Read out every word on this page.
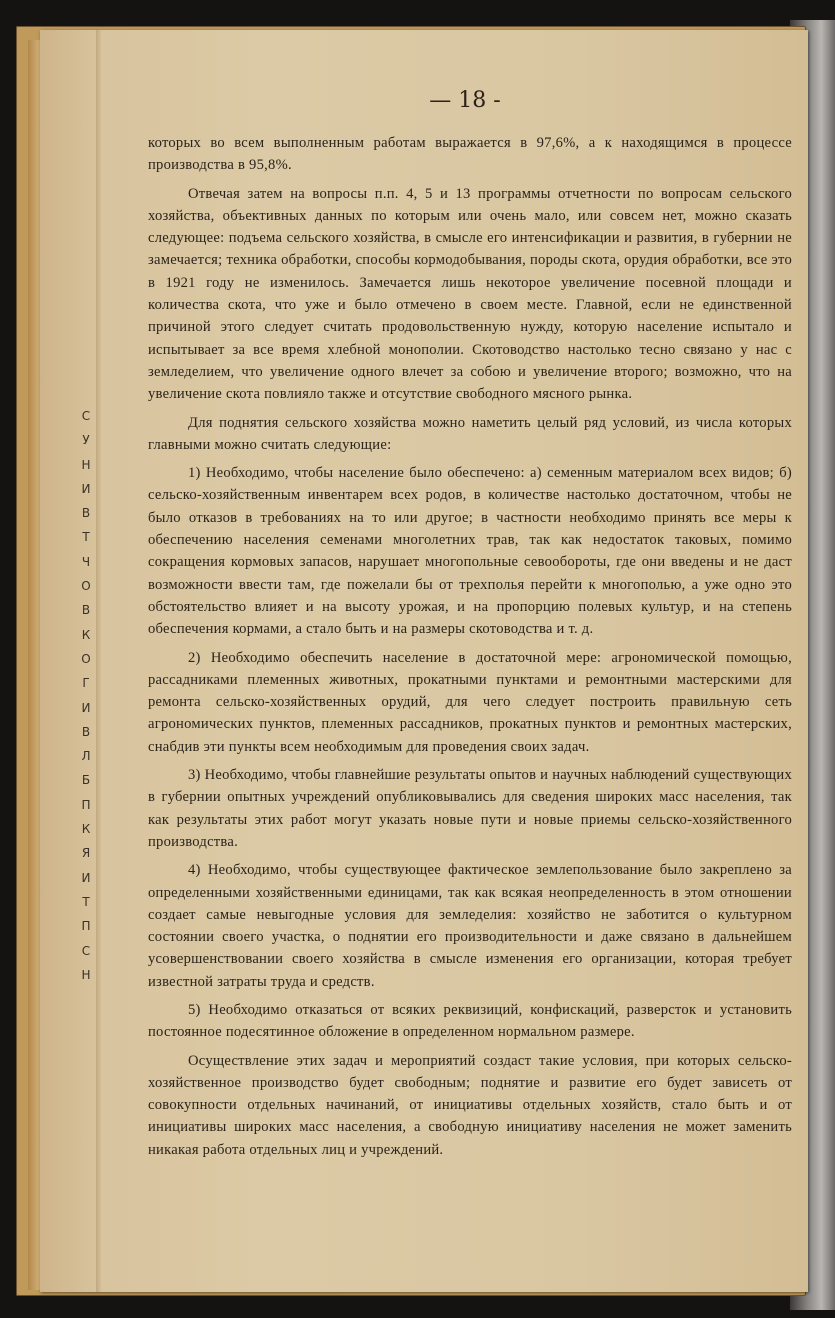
— 18 -
С
У
Н
И
В
Т
Ч
О
В
К
О
Г
И
В
Л
Б
П
К
Я
И
Т
П
С
Н

которых во всем выполненным работам выражается в 97,6%, а к находящимся в процессе производства в 95,8%.

Отвечая затем на вопросы п.п. 4, 5 и 13 программы отчетности по вопросам сельского хозяйства, объективных данных по которым или очень мало, или совсем нет, можно сказать следующее: подъема сельского хозяйства, в смысле его интенсификации и развития, в губернии не замечается; техника обработки, способы кормодобывания, породы скота, орудия обработки, все это в 1921 году не изменилось. Замечается лишь некоторое увеличение посевной площади и количества скота, что уже и было отмечено в своем месте. Главной, если не единственной причиной этого следует считать продовольственную нужду, которую население испытало и испытывает за все время хлебной монополии. Скотоводство настолько тесно связано у нас с земледелием, что увеличение одного влечет за собою и увеличение второго; возможно, что на увеличение скота повлияло также и отсутствие свободного мясного рынка.

Для поднятия сельского хозяйства можно наметить целый ряд условий, из числа которых главными можно считать следующие:

1) Необходимо, чтобы население было обеспечено: а) семенным материалом всех видов; б) сельско-хозяйственным инвентарем всех родов, в количестве настолько достаточном, чтобы не было отказов в требованиях на то или другое; в частности необходимо принять все меры к обеспечению населения семенами многолетних трав, так как недостаток таковых, помимо сокращения кормовых запасов, нарушает многопольные севообороты, где они введены и не даст возможности ввести там, где пожелали бы от трехполья перейти к многополью, а уже одно это обстоятельство влияет и на высоту урожая, и на пропорцию полевых культур, и на степень обеспечения кормами, а стало быть и на размеры скотоводства и т. д.

2) Необходимо обеспечить население в достаточной мере: агрономической помощью, рассадниками племенных животных, прокатными пунктами и ремонтными мастерскими для ремонта сельско-хозяйственных орудий, для чего следует построить правильную сеть агрономических пунктов, племенных рассадников, прокатных пунктов и ремонтных мастерских, снабдив эти пункты всем необходимым для проведения своих задач.

3) Необходимо, чтобы главнейшие результаты опытов и научных наблюдений существующих в губернии опытных учреждений опубликовывались для сведения широких масс населения, так как результаты этих работ могут указать новые пути и новые приемы сельско-хозяйственного производства.

4) Необходимо, чтобы существующее фактическое землепользование было закреплено за определенными хозяйственными единицами, так как всякая неопределенность в этом отношении создает самые невыгодные условия для земледелия: хозяйство не заботится о культурном состоянии своего участка, о поднятии его производительности и даже связано в дальнейшем усовершенствовании своего хозяйства в смысле изменения его организации, которая требует известной затраты труда и средств.

5) Необходимо отказаться от всяких реквизиций, конфискаций, разверсток и установить постоянное подесятинное обложение в определенном нормальном размере.

Осуществление этих задач и мероприятий создаст такие условия, при которых сельско-хозяйственное производство будет свободным; поднятие и развитие его будет зависеть от совокупности отдельных начинаний, от инициативы отдельных хозяйств, стало быть и от инициативы широких масс населения, а свободную инициативу населения не может заменить никакая работа отдельных лиц и учреждений.
